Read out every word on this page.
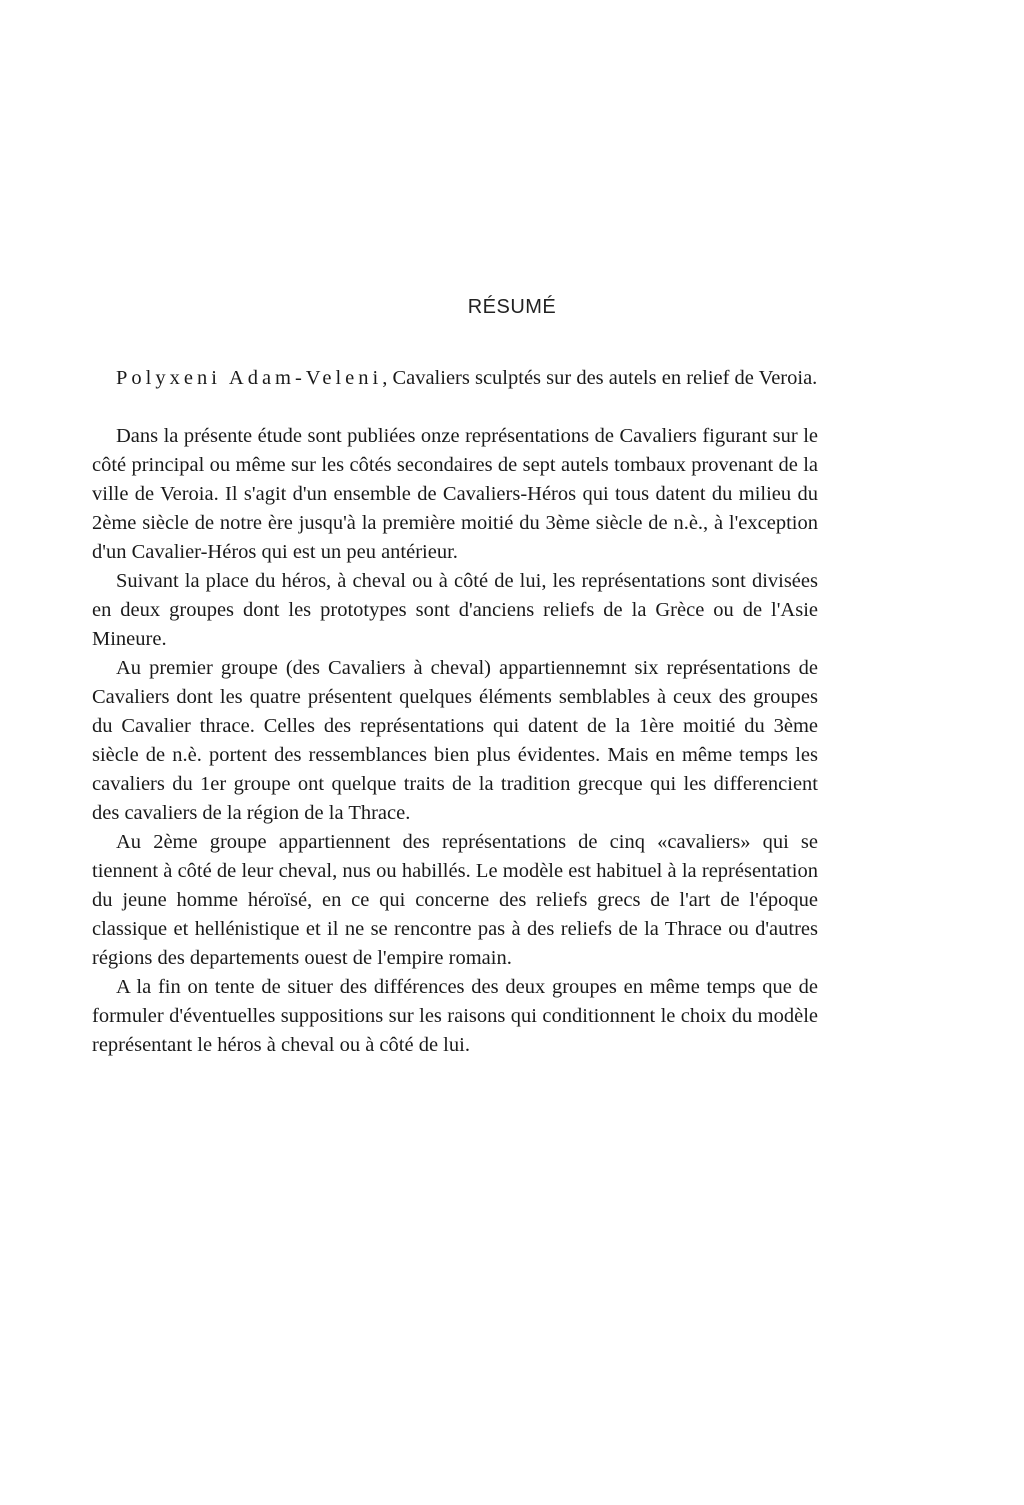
RÉSUMÉ

Polyxeni Adam-Veleni, Cavaliers sculptés sur des autels en relief de Veroia.

Dans la présente étude sont publiées onze représentations de Cavaliers figurant sur le côté principal ou même sur les côtés secondaires de sept autels tombaux provenant de la ville de Veroia. Il s'agit d'un ensemble de Cavaliers-Héros qui tous datent du milieu du 2ème siècle de notre ère jusqu'à la première moitié du 3ème siècle de n.è., à l'exception d'un Cavalier-Héros qui est un peu antérieur.

Suivant la place du héros, à cheval ou à côté de lui, les représentations sont divisées en deux groupes dont les prototypes sont d'anciens reliefs de la Grèce ou de l'Asie Mineure.

Au premier groupe (des Cavaliers à cheval) appartiennemnt six représentations de Cavaliers dont les quatre présentent quelques éléments semblables à ceux des groupes du Cavalier thrace. Celles des représentations qui datent de la 1ère moitié du 3ème siècle de n.è. portent des ressemblances bien plus évidentes. Mais en même temps les cavaliers du 1er groupe ont quelque traits de la tradition grecque qui les differencient des cavaliers de la région de la Thrace.

Au 2ème groupe appartiennent des représentations de cinq «cavaliers» qui se tiennent à côté de leur cheval, nus ou habillés. Le modèle est habituel à la représentation du jeune homme héroïsé, en ce qui concerne des reliefs grecs de l'art de l'époque classique et hellénistique et il ne se rencontre pas à des reliefs de la Thrace ou d'autres régions des departements ouest de l'empire romain.

A la fin on tente de situer des différences des deux groupes en même temps que de formuler d'éventuelles suppositions sur les raisons qui conditionnent le choix du modèle représentant le héros à cheval ou à côté de lui.
